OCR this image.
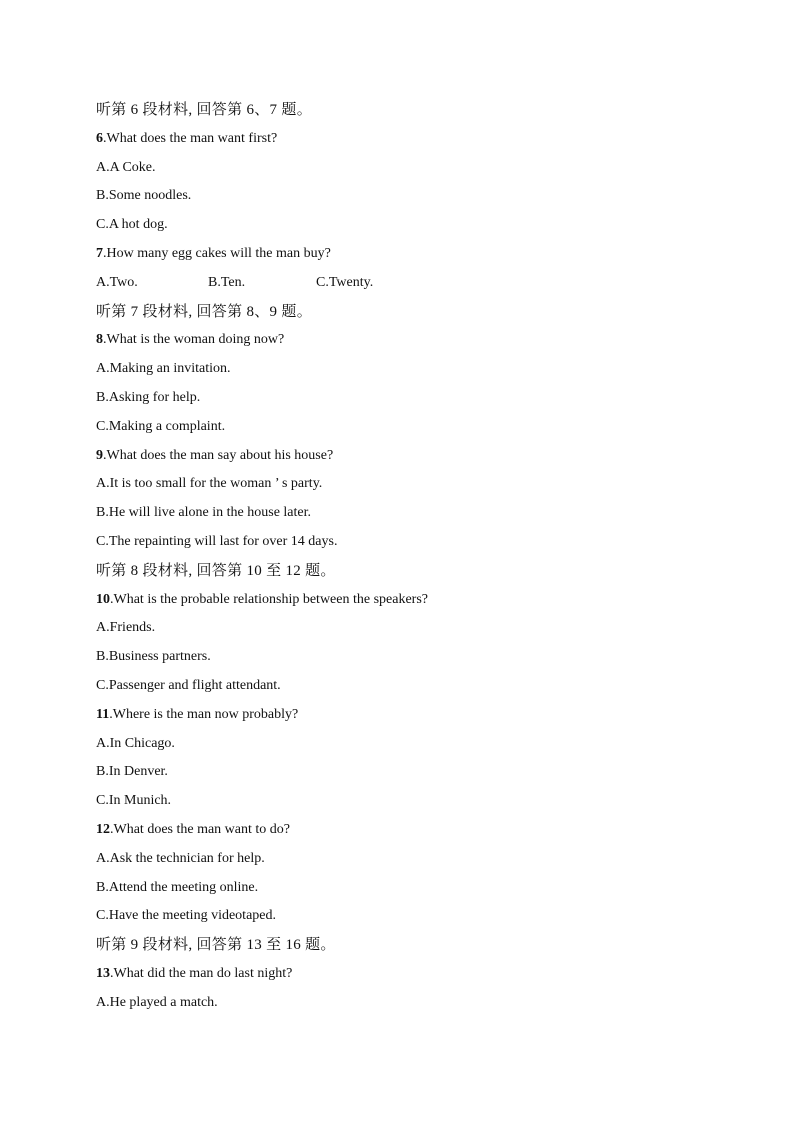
听第 6 段材料, 回答第 6、7 题。
6.What does the man want first?
A.A Coke.
B.Some noodles.
C.A hot dog.
7.How many egg cakes will the man buy?
A.Two.	B.Ten.	C.Twenty.
听第 7 段材料, 回答第 8、9 题。
8.What is the woman doing now?
A.Making an invitation.
B.Asking for help.
C.Making a complaint.
9.What does the man say about his house?
A.It is too small for the woman ’ s party.
B.He will live alone in the house later.
C.The repainting will last for over 14 days.
听第 8 段材料, 回答第 10 至 12 题。
10.What is the probable relationship between the speakers?
A.Friends.
B.Business partners.
C.Passenger and flight attendant.
11.Where is the man now probably?
A.In Chicago.
B.In Denver.
C.In Munich.
12.What does the man want to do?
A.Ask the technician for help.
B.Attend the meeting online.
C.Have the meeting videotaped.
听第 9 段材料, 回答第 13 至 16 题。
13.What did the man do last night?
A.He played a match.
